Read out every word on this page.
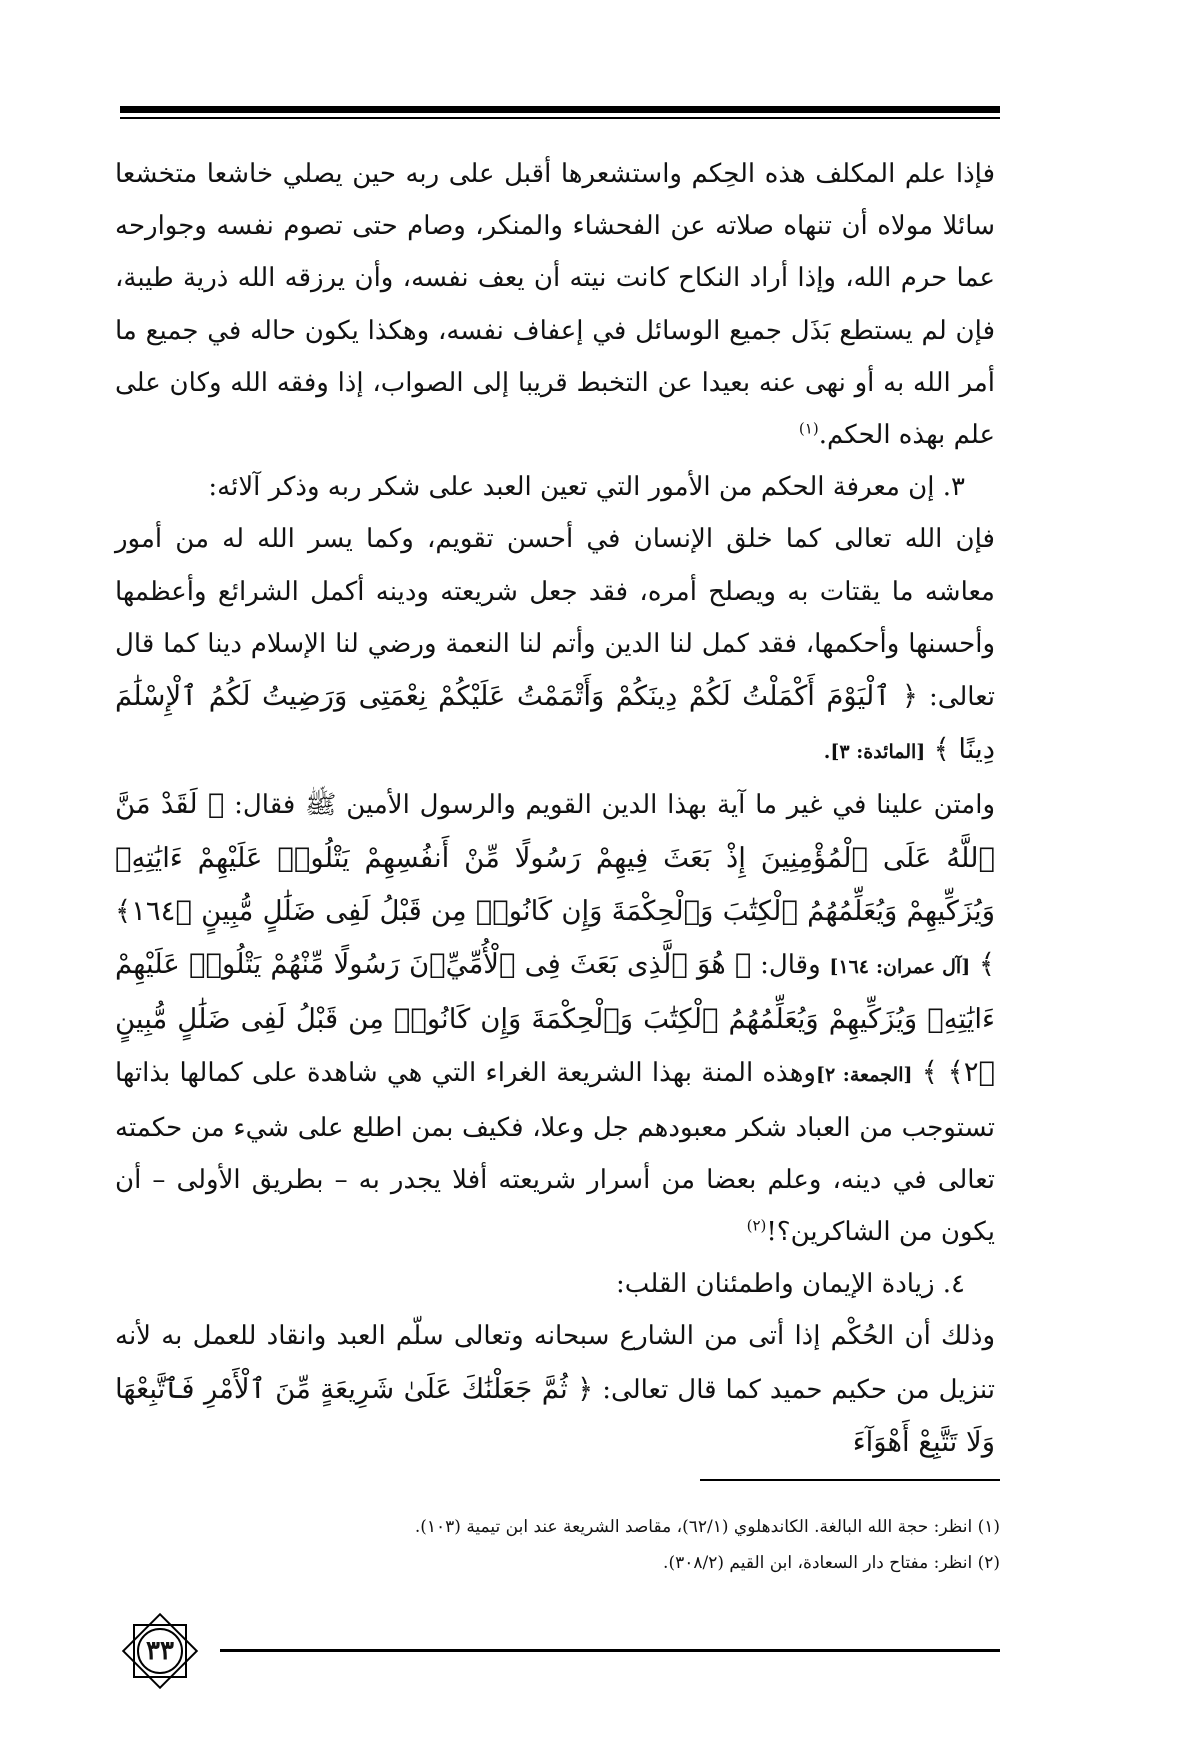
فإذا علم المكلف هذه الحِكم واستشعرها أقبل على ربه حين يصلي خاشعا متخشعا سائلا مولاه أن تنهاه صلاته عن الفحشاء والمنكر، وصام حتى تصوم نفسه وجوارحه عما حرم الله، وإذا أراد النكاح كانت نيته أن يعف نفسه، وأن يرزقه الله ذرية طيبة، فإن لم يستطع بَذَل جميع الوسائل في إعفاف نفسه، وهكذا يكون حاله في جميع ما أمر الله به أو نهى عنه بعيدا عن التخبط قريبا إلى الصواب، إذا وفقه الله وكان على علم بهذه الحكم.$^{(١)}$

٣. إن معرفة الحكم من الأمور التي تعين العبد على شكر ربه وذكر آلائه:

فإن الله تعالى كما خلق الإنسان في أحسن تقويم، وكما يسر الله له من أمور معاشه ما يقتات به ويصلح أمره، فقد جعل شريعته ودينه أكمل الشرائع وأعظمها وأحسنها وأحكمها، فقد كمل لنا الدين وأتم لنا النعمة ورضي لنا الإسلام دينا كما قال تعالى: ﴿ ٱلْيَوْمَ أَكْمَلْتُ لَكُمْ دِينَكُمْ وَأَتْمَمْتُ عَلَيْكُمْ نِعْمَتِى وَرَضِيتُ لَكُمُ ٱلْإِسْلَٰمَ دِينًا ﴾ [المائدة: ٣].

وامتن علينا في غير ما آية بهذا الدين القويم والرسول الأمين ﷺ فقال: ﴿ لَقَدْ مَنَّ ٱللَّهُ عَلَى ٱلْمُؤْمِنِينَ إِذْ بَعَثَ فِيهِمْ رَسُولًا مِّنْ أَنفُسِهِمْ يَتْلُوا۟ عَلَيْهِمْ ءَايَٰتِهِۦ وَيُزَكِّيهِمْ وَيُعَلِّمُهُمُ ٱلْكِتَٰبَ وَٱلْحِكْمَةَ وَإِن كَانُوا۟ مِن قَبْلُ لَفِى ضَلَٰلٍ مُّبِينٍ ﴿١٦٤﴾ ﴾ [آل عمران: ١٦٤] وقال: ﴿ هُوَ ٱلَّذِى بَعَثَ فِى ٱلْأُمِّيِّۦنَ رَسُولًا مِّنْهُمْ يَتْلُوا۟ عَلَيْهِمْ ءَايَٰتِهِۦ وَيُزَكِّيهِمْ وَيُعَلِّمُهُمُ ٱلْكِتَٰبَ وَٱلْحِكْمَةَ وَإِن كَانُوا۟ مِن قَبْلُ لَفِى ضَلَٰلٍ مُّبِينٍ ﴿٢﴾ ﴾ [الجمعة: ٢]وهذه المنة بهذا الشريعة الغراء التي هي شاهدة على كمالها بذاتها تستوجب من العباد شكر معبودهم جل وعلا، فكيف بمن اطلع على شيء من حكمته تعالى في دينه، وعلم بعضا من أسرار شريعته أفلا يجدر به – بطريق الأولى – أن يكون من الشاكرين؟!$^{(٢)}$

٤. زيادة الإيمان واطمئنان القلب:

وذلك أن الحُكْم إذا أتى من الشارع سبحانه وتعالى سلّم العبد وانقاد للعمل به لأنه تنزيل من حكيم حميد كما قال تعالى: ﴿ ثُمَّ جَعَلْنَٰكَ عَلَىٰ شَرِيعَةٍ مِّنَ ٱلْأَمْرِ فَٱتَّبِعْهَا وَلَا تَتَّبِعْ أَهْوَآءَ

(١) انظر: حجة الله البالغة. الكاندهلوي (٦٢/١)، مقاصد الشريعة عند ابن تيمية (١٠٣).

(٢) انظر: مفتاح دار السعادة، ابن القيم (٣٠٨/٢).

٣٣
